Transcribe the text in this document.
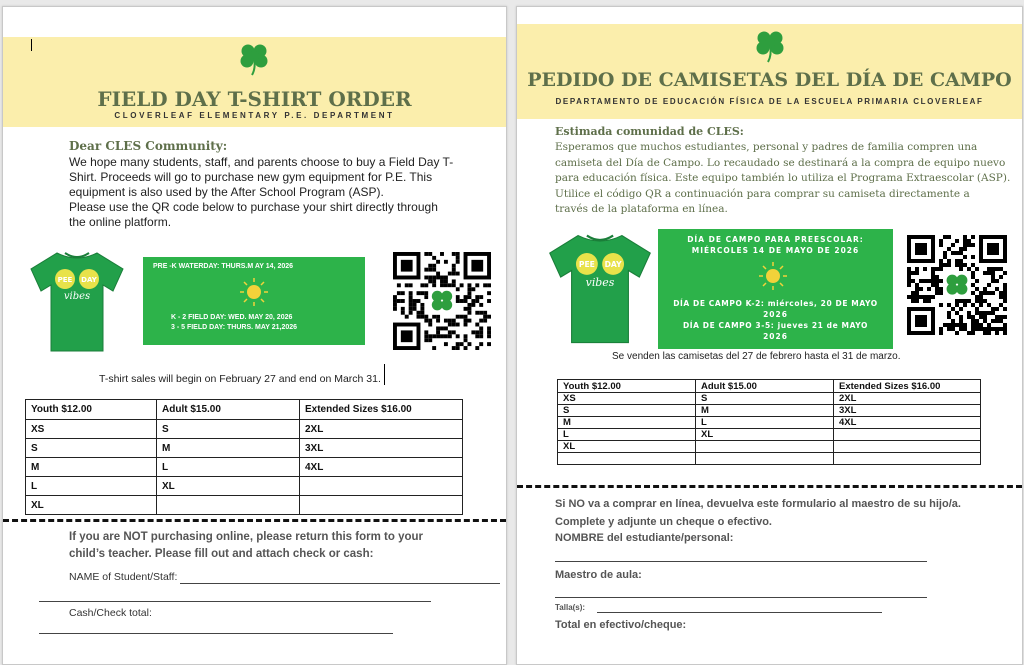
FIELD DAY T-SHIRT ORDER
CLOVERLEAF ELEMENTARY P.E. DEPARTMENT
Dear CLES Community:
We hope many students, staff, and parents choose to buy a Field Day T-
Shirt. Proceeds will go to purchase new gym equipment for P.E. This
equipment is also used by the After School Program (ASP).
Please use the QR code below to purchase your shirt directly through
the online platform.
PEE DAY
vibes
PRE -K WATERDAY: THURS.M AY 14, 2026
K - 2 FIELD DAY: WED. MAY 20, 2026
3 - 5 FIELD DAY: THURS. MAY 21,2026
T-shirt sales will begin on February 27 and end on March 31.
Youth $12.00	Adult $15.00	Extended Sizes $16.00
XS	S	2XL
S	M	3XL
M	L	4XL
L	XL	
XL		
If you are NOT purchasing online, please return this form to your
child’s teacher. Please fill out and attach check or cash:
NAME of Student/Staff:
Cash/Check total:
PEDIDO DE CAMISETAS DEL DÍA DE CAMPO
DEPARTAMENTO DE EDUCACIÓN FÍSICA DE LA ESCUELA PRIMARIA CLOVERLEAF
Estimada comunidad de CLES:
Esperamos que muchos estudiantes, personal y padres de familia compren una
camiseta del Día de Campo. Lo recaudado se destinará a la compra de equipo nuevo
para educación física. Este equipo también lo utiliza el Programa Extraescolar (ASP).
Utilice el código QR a continuación para comprar su camiseta directamente a
través de la plataforma en línea.
PEE DAY
vibes
DÍA DE CAMPO PARA PREESCOLAR:
MIÉRCOLES 14 DE MAYO DE 2026
DÍA DE CAMPO K-2: miércoles, 20 DE MAYO
2026
DÍA DE CAMPO 3-5: jueves 21 de MAYO
2026
Se venden las camisetas del 27 de febrero hasta el 31 de marzo.
Youth $12.00	Adult $15.00	Extended Sizes $16.00
XS	S	2XL
S	M	3XL
M	L	4XL
L	XL	
XL		

Si NO va a comprar en línea, devuelva este formulario al maestro de su hijo/a.
Complete y adjunte un cheque o efectivo.
NOMBRE del estudiante/personal:
Maestro de aula:
Talla(s):
Total en efectivo/cheque:
